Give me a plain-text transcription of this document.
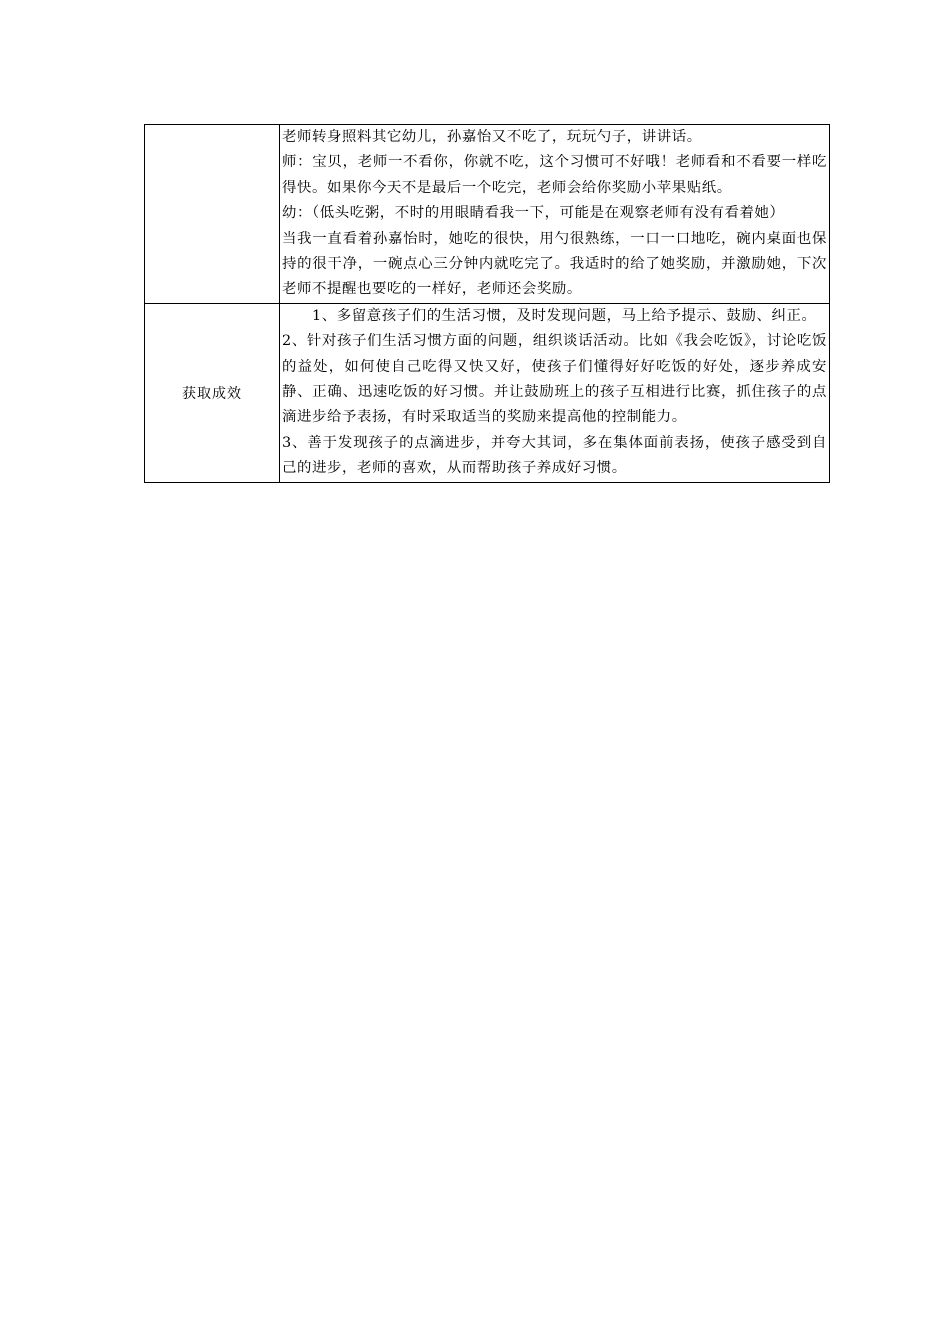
	老师转身照料其它幼儿，孙嘉怡又不吃了，玩玩勺子，讲讲话。

师：宝贝，老师一不看你，你就不吃，这个习惯可不好哦！老师看和不看要一样吃得快。如果你今天不是最后一个吃完，老师会给你奖励小苹果贴纸。

幼：（低头吃粥，不时的用眼睛看我一下，可能是在观察老师有没有看着她）

当我一直看着孙嘉怡时，她吃的很快，用勺很熟练，一口一口地吃，碗内桌面也保持的很干净，一碗点心三分钟内就吃完了。我适时的给了她奖励，并激励她，下次老师不提醒也要吃的一样好，老师还会奖励。

获取成效	1、多留意孩子们的生活习惯，及时发现问题，马上给予提示、鼓励、纠正。

2、针对孩子们生活习惯方面的问题，组织谈话活动。比如《我会吃饭》，讨论吃饭的益处，如何使自己吃得又快又好，使孩子们懂得好好吃饭的好处，逐步养成安静、正确、迅速吃饭的好习惯。并让鼓励班上的孩子互相进行比赛，抓住孩子的点滴进步给予表扬，有时采取适当的奖励来提高他的控制能力。

3、善于发现孩子的点滴进步，并夸大其词，多在集体面前表扬，使孩子感受到自己的进步，老师的喜欢，从而帮助孩子养成好习惯。
